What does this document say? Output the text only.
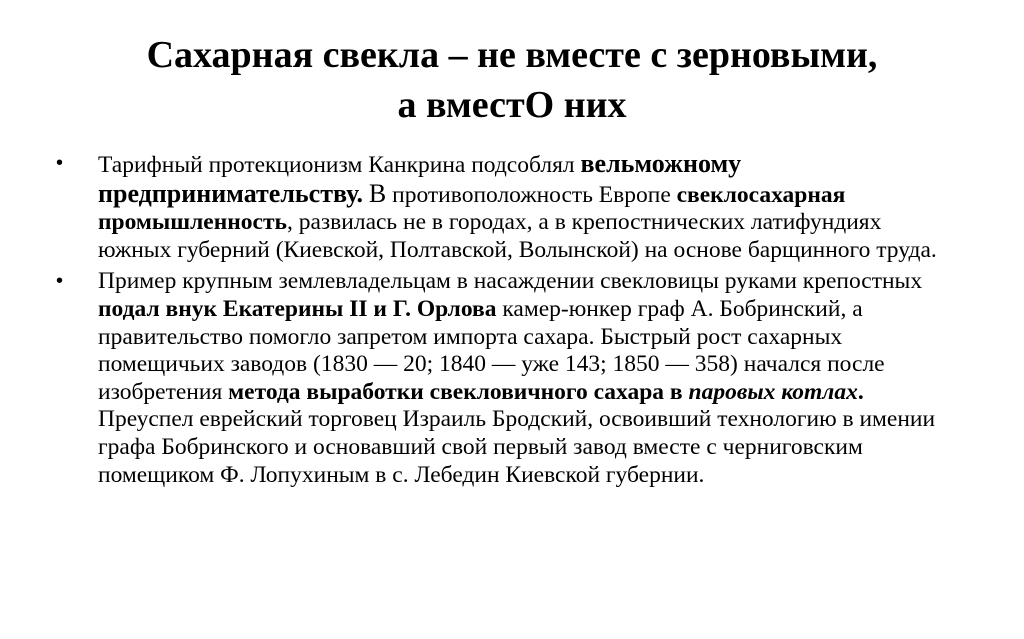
Сахарная свекла – не вместе с зерновыми,
а вместО них
• Тарифный протекционизм Канкрина подсоблял вельможному предпринимательству. В противоположность Европе свеклосахарная промышленность, развилась не в городах, а в крепостнических латифундиях южных губерний (Киевской, Полтавской, Волынской) на основе барщинного труда.
• Пример крупным землевладельцам в насаждении свекловицы руками крепостных подал внук Екатерины II и Г. Орлова камер-юнкер граф А. Бобринский, а правительство помогло запретом импорта сахара. Быстрый рост сахарных помещичьих заводов (1830 — 20; 1840 — уже 143; 1850 — 358) начался после изобретения метода выработки свекловичного сахара в паровых котлах. Преуспел еврейский торговец Израиль Бродский, освоивший технологию в имении графа Бобринского и основавший свой первый завод вместе с черниговским помещиком Ф. Лопухиным в с. Лебедин Киевской губернии.
